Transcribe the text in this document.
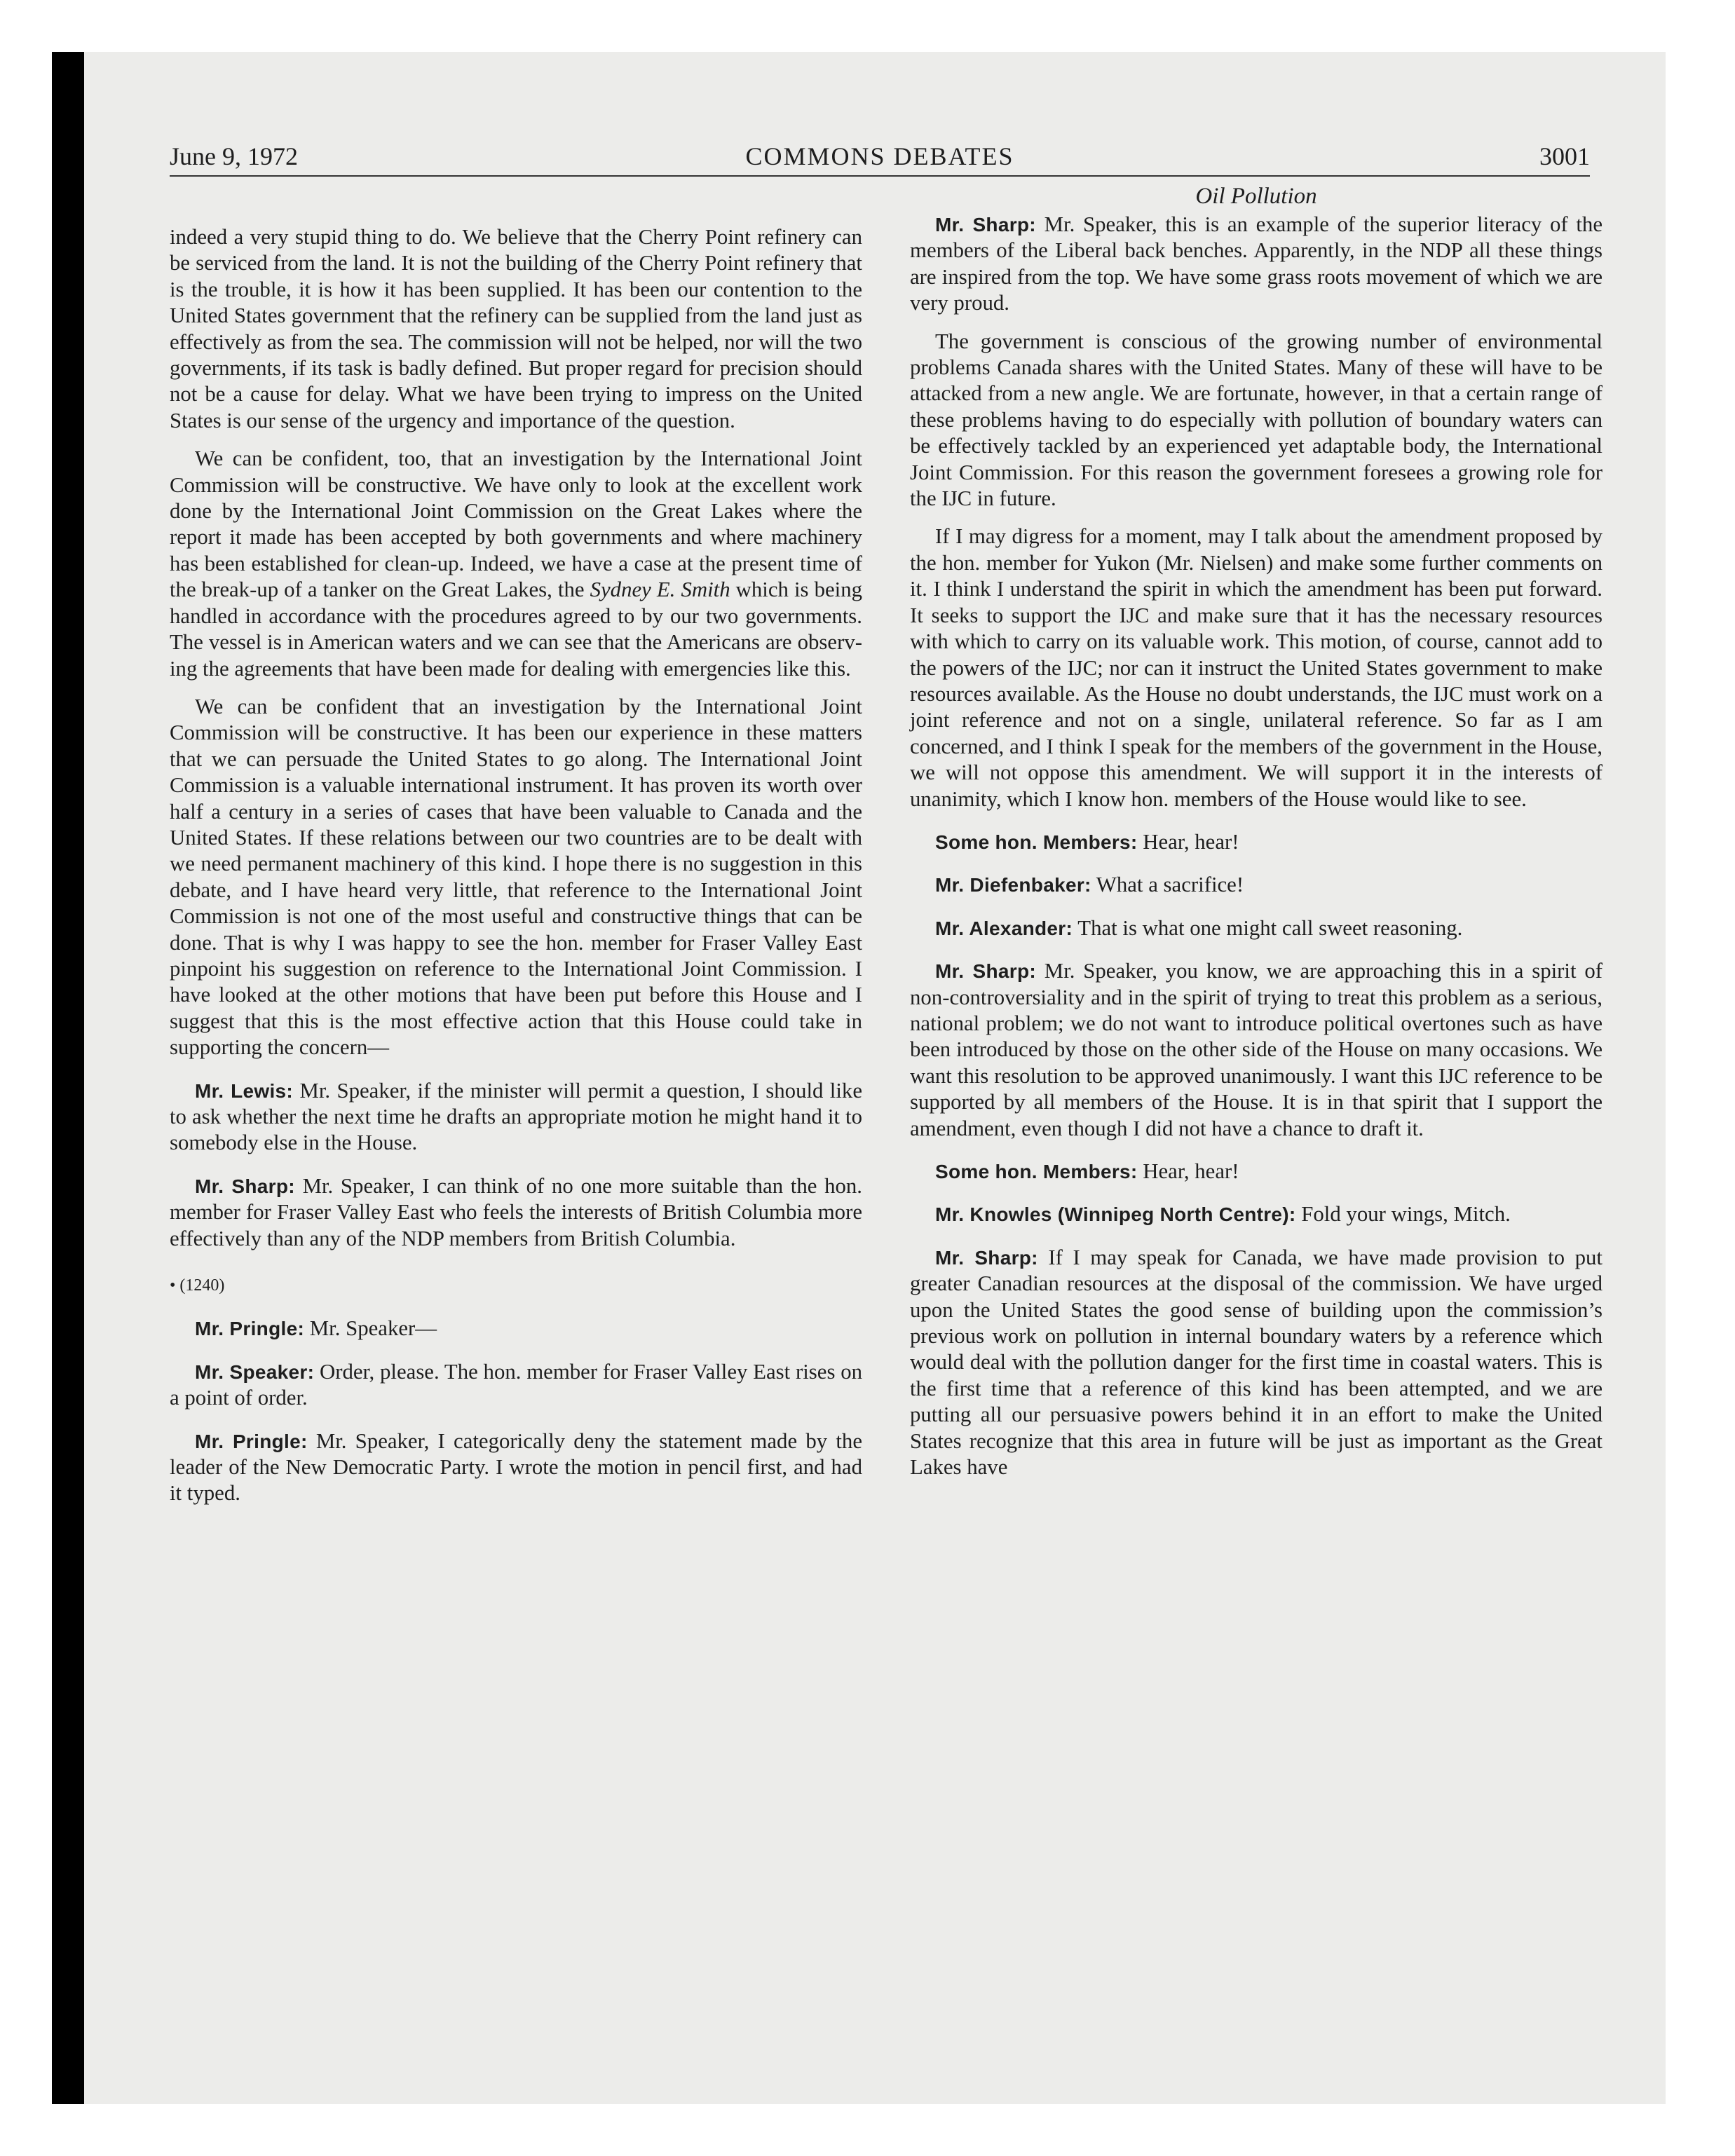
June 9, 1972	COMMONS DEBATES	3001

indeed a very stupid thing to do. We believe that the Cherry Point refinery can be serviced from the land. It is not the building of the Cherry Point refinery that is the trouble, it is how it has been supplied. It has been our contention to the United States government that the refinery can be supplied from the land just as effectively as from the sea. The commission will not be helped, nor will the two governments, if its task is badly defined. But proper regard for precision should not be a cause for delay. What we have been trying to impress on the United States is our sense of the urgency and importance of the question.

We can be confident, too, that an investigation by the International Joint Commission will be constructive. We have only to look at the excellent work done by the International Joint Commission on the Great Lakes where the report it made has been accepted by both governments and where machinery has been established for clean-up. Indeed, we have a case at the present time of the break-up of a tanker on the Great Lakes, the Sydney E. Smith which is being handled in accordance with the procedures agreed to by our two governments. The vessel is in American waters and we can see that the Americans are observing the agreements that have been made for dealing with emergencies like this.

We can be confident that an investigation by the International Joint Commission will be constructive. It has been our experience in these matters that we can persuade the United States to go along. The International Joint Commission is a valuable international instrument. It has proven its worth over half a century in a series of cases that have been valuable to Canada and the United States. If these relations between our two countries are to be dealt with we need permanent machinery of this kind. I hope there is no suggestion in this debate, and I have heard very little, that reference to the International Joint Commission is not one of the most useful and constructive things that can be done. That is why I was happy to see the hon. member for Fraser Valley East pinpoint his suggestion on reference to the International Joint Commission. I have looked at the other motions that have been put before this House and I suggest that this is the most effective action that this House could take in supporting the concern—

Mr. Lewis: Mr. Speaker, if the minister will permit a question, I should like to ask whether the next time he drafts an appropriate motion he might hand it to somebody else in the House.

Mr. Sharp: Mr. Speaker, I can think of no one more suitable than the hon. member for Fraser Valley East who feels the interests of British Columbia more effectively than any of the NDP members from British Columbia.

• (1240)

Mr. Pringle: Mr. Speaker—

Mr. Speaker: Order, please. The hon. member for Fraser Valley East rises on a point of order.

Mr. Pringle: Mr. Speaker, I categorically deny the statement made by the leader of the New Democratic Party. I wrote the motion in pencil first, and had it typed.

Oil Pollution

Mr. Sharp: Mr. Speaker, this is an example of the superior literacy of the members of the Liberal back benches. Apparently, in the NDP all these things are inspired from the top. We have some grass roots movement of which we are very proud.

The government is conscious of the growing number of environmental problems Canada shares with the United States. Many of these will have to be attacked from a new angle. We are fortunate, however, in that a certain range of these problems having to do especially with pollution of boundary waters can be effectively tackled by an experienced yet adaptable body, the International Joint Commission. For this reason the government foresees a growing role for the IJC in future.

If I may digress for a moment, may I talk about the amendment proposed by the hon. member for Yukon (Mr. Nielsen) and make some further comments on it. I think I understand the spirit in which the amendment has been put forward. It seeks to support the IJC and make sure that it has the necessary resources with which to carry on its valuable work. This motion, of course, cannot add to the powers of the IJC; nor can it instruct the United States government to make resources available. As the House no doubt understands, the IJC must work on a joint reference and not on a single, unilateral reference. So far as I am concerned, and I think I speak for the members of the government in the House, we will not oppose this amendment. We will support it in the interests of unanimity, which I know hon. members of the House would like to see.

Some hon. Members: Hear, hear!

Mr. Diefenbaker: What a sacrifice!

Mr. Alexander: That is what one might call sweet reasoning.

Mr. Sharp: Mr. Speaker, you know, we are approaching this in a spirit of non-controversiality and in the spirit of trying to treat this problem as a serious, national problem; we do not want to introduce political overtones such as have been introduced by those on the other side of the House on many occasions. We want this resolution to be approved unanimously. I want this IJC reference to be supported by all members of the House. It is in that spirit that I support the amendment, even though I did not have a chance to draft it.

Some hon. Members: Hear, hear!

Mr. Knowles (Winnipeg North Centre): Fold your wings, Mitch.

Mr. Sharp: If I may speak for Canada, we have made provision to put greater Canadian resources at the disposal of the commission. We have urged upon the United States the good sense of building upon the commission’s previous work on pollution in internal boundary waters by a reference which would deal with the pollution danger for the first time in coastal waters. This is the first time that a reference of this kind has been attempted, and we are putting all our persuasive powers behind it in an effort to make the United States recognize that this area in future will be just as important as the Great Lakes have
